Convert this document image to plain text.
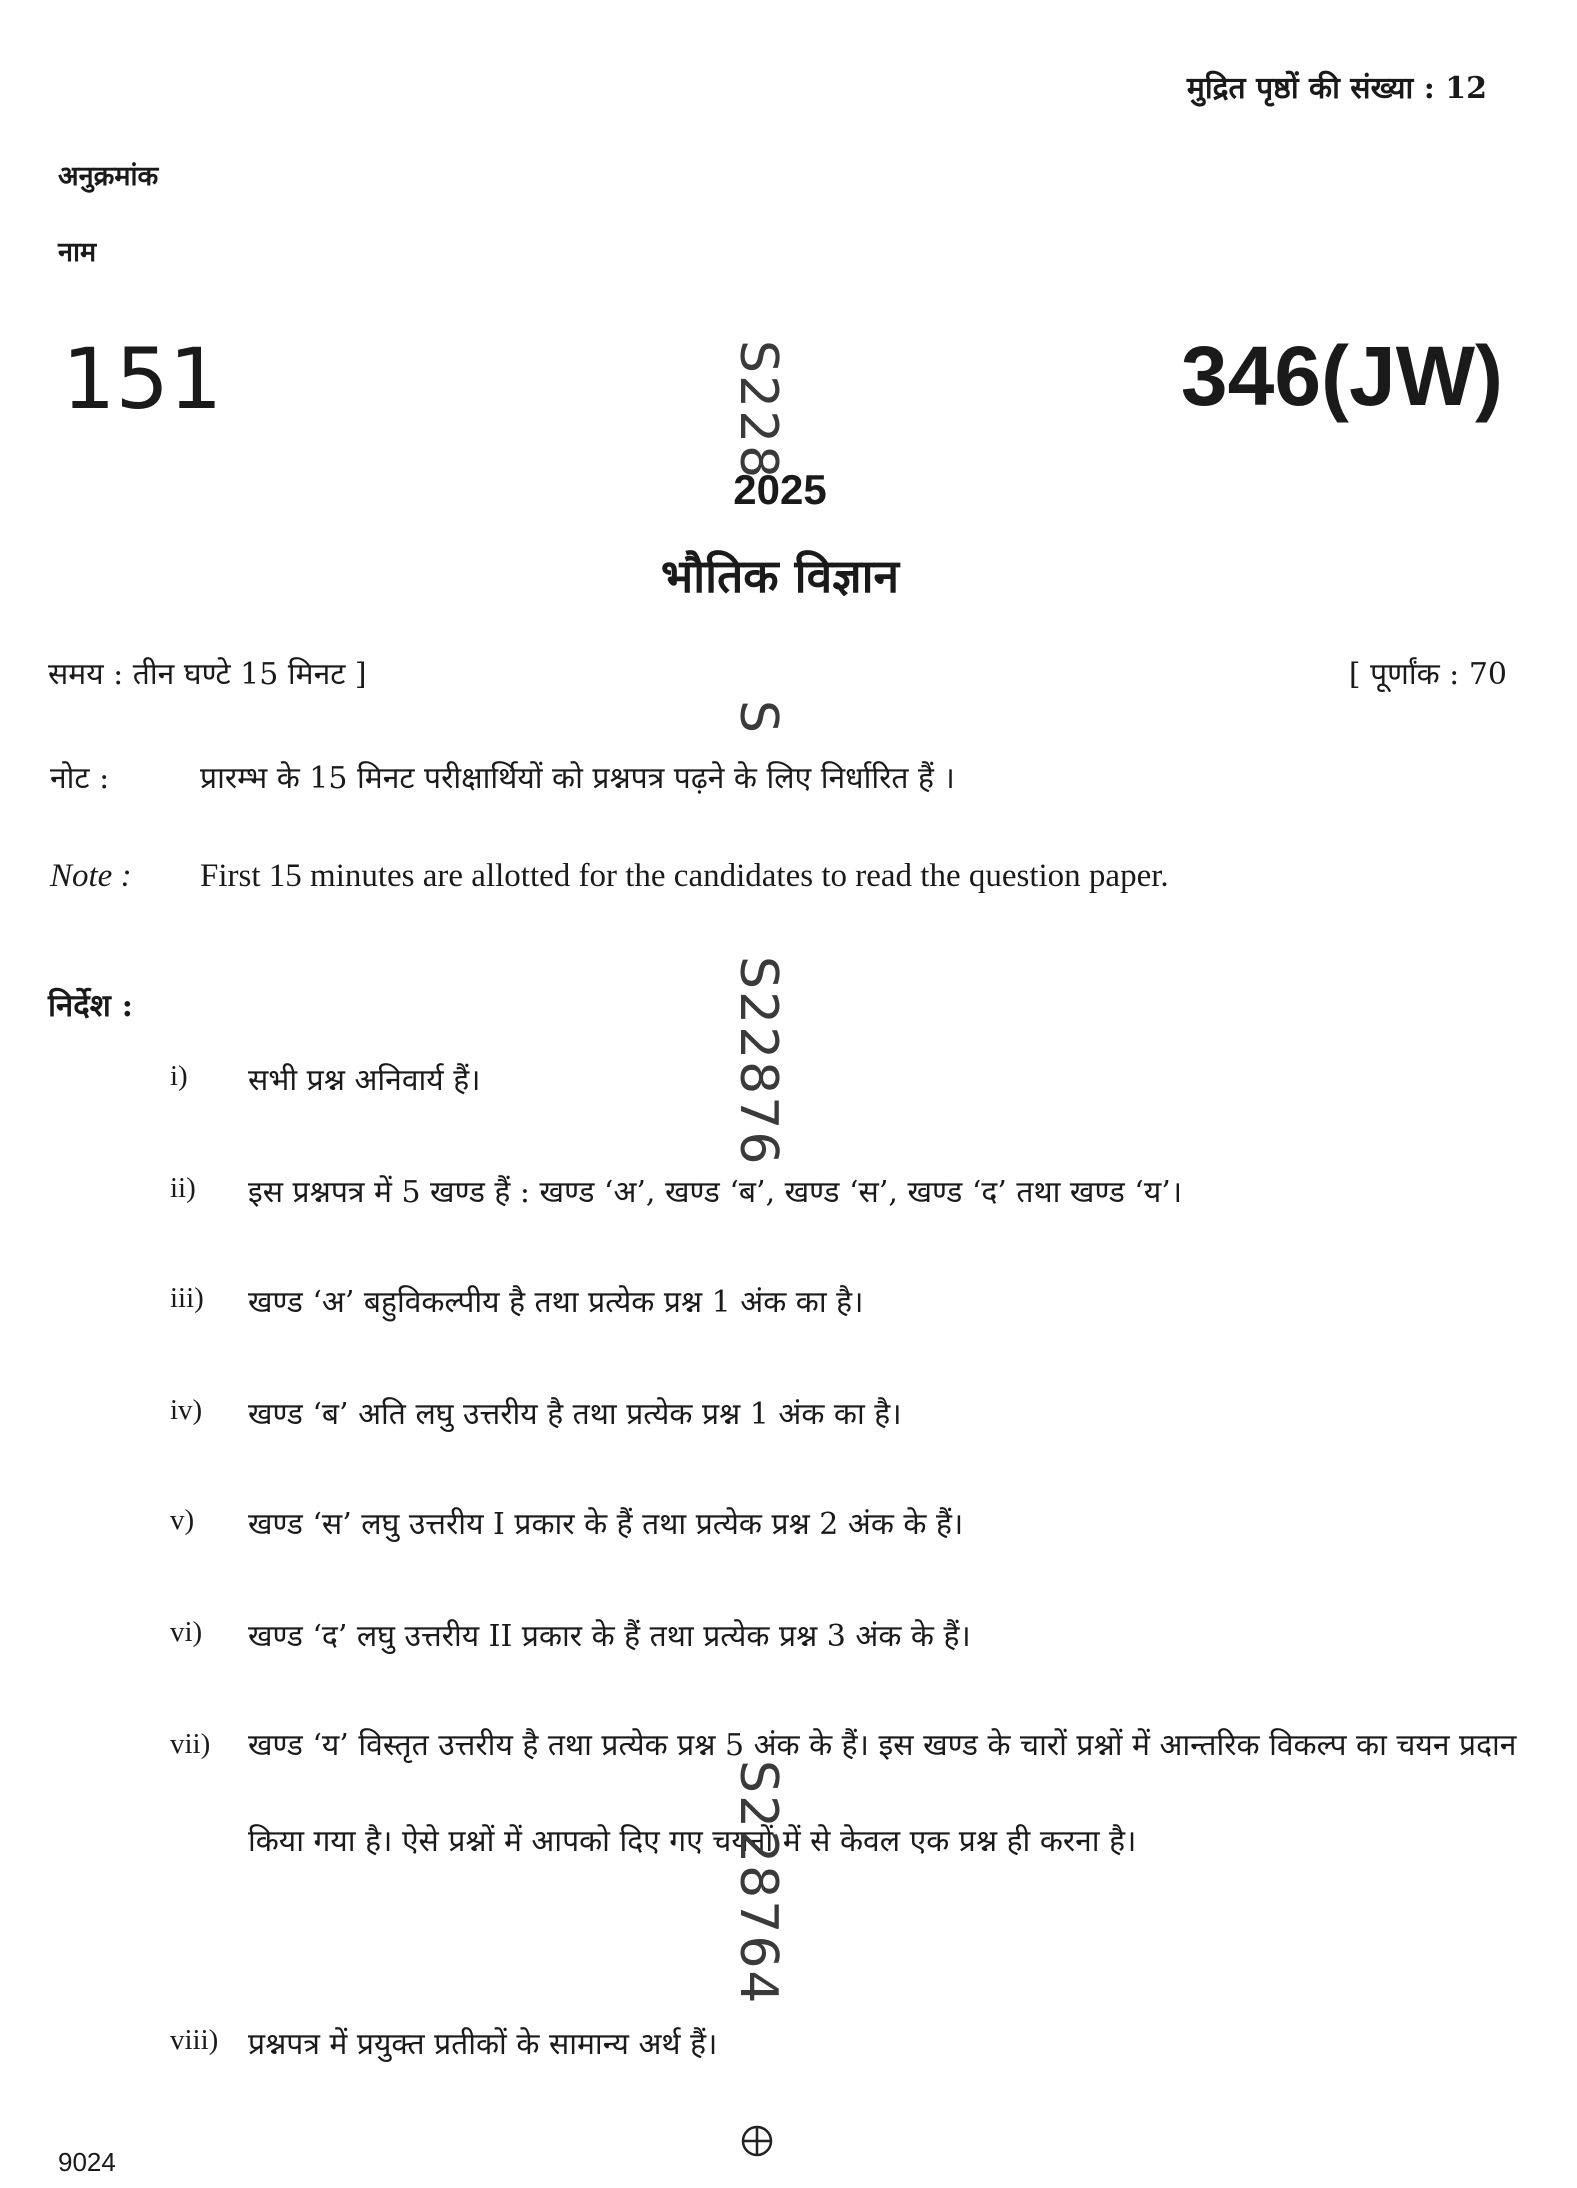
मुद्रित पृष्ठों की संख्या : 12
अनुक्रमांक
नाम
151	346(JW)
2025
भौतिक विज्ञान
समय : तीन घण्टे 15 मिनट ]	[ पूर्णांक : 70
नोट :	प्रारम्भ के 15 मिनट परीक्षार्थियों को प्रश्नपत्र पढ़ने के लिए निर्धारित हैं ।
Note : First 15 minutes are allotted for the candidates to read the question paper.
निर्देश :
i) सभी प्रश्न अनिवार्य हैं।
ii) इस प्रश्नपत्र में 5 खण्ड हैं : खण्ड ‘अ’, खण्ड ‘ब’, खण्ड ‘स’, खण्ड ‘द’ तथा खण्ड ‘य’।
iii) खण्ड ‘अ’ बहुविकल्पीय है तथा प्रत्येक प्रश्न 1 अंक का है।
iv) खण्ड ‘ब’ अति लघु उत्तरीय है तथा प्रत्येक प्रश्न 1 अंक का है।
v) खण्ड ‘स’ लघु उत्तरीय I प्रकार के हैं तथा प्रत्येक प्रश्न 2 अंक के हैं।
vi) खण्ड ‘द’ लघु उत्तरीय II प्रकार के हैं तथा प्रत्येक प्रश्न 3 अंक के हैं।
vii) खण्ड ‘य’ विस्तृत उत्तरीय है तथा प्रत्येक प्रश्न 5 अंक के हैं। इस खण्ड के चारों प्रश्नों में आन्तरिक विकल्प का चयन प्रदान किया गया है। ऐसे प्रश्नों में आपको दिए गए चयनों में से केवल एक प्रश्न ही करना है।
viii) प्रश्नपत्र में प्रयुक्त प्रतीकों के सामान्य अर्थ हैं।
S228
S
S22876
S228764
9024
